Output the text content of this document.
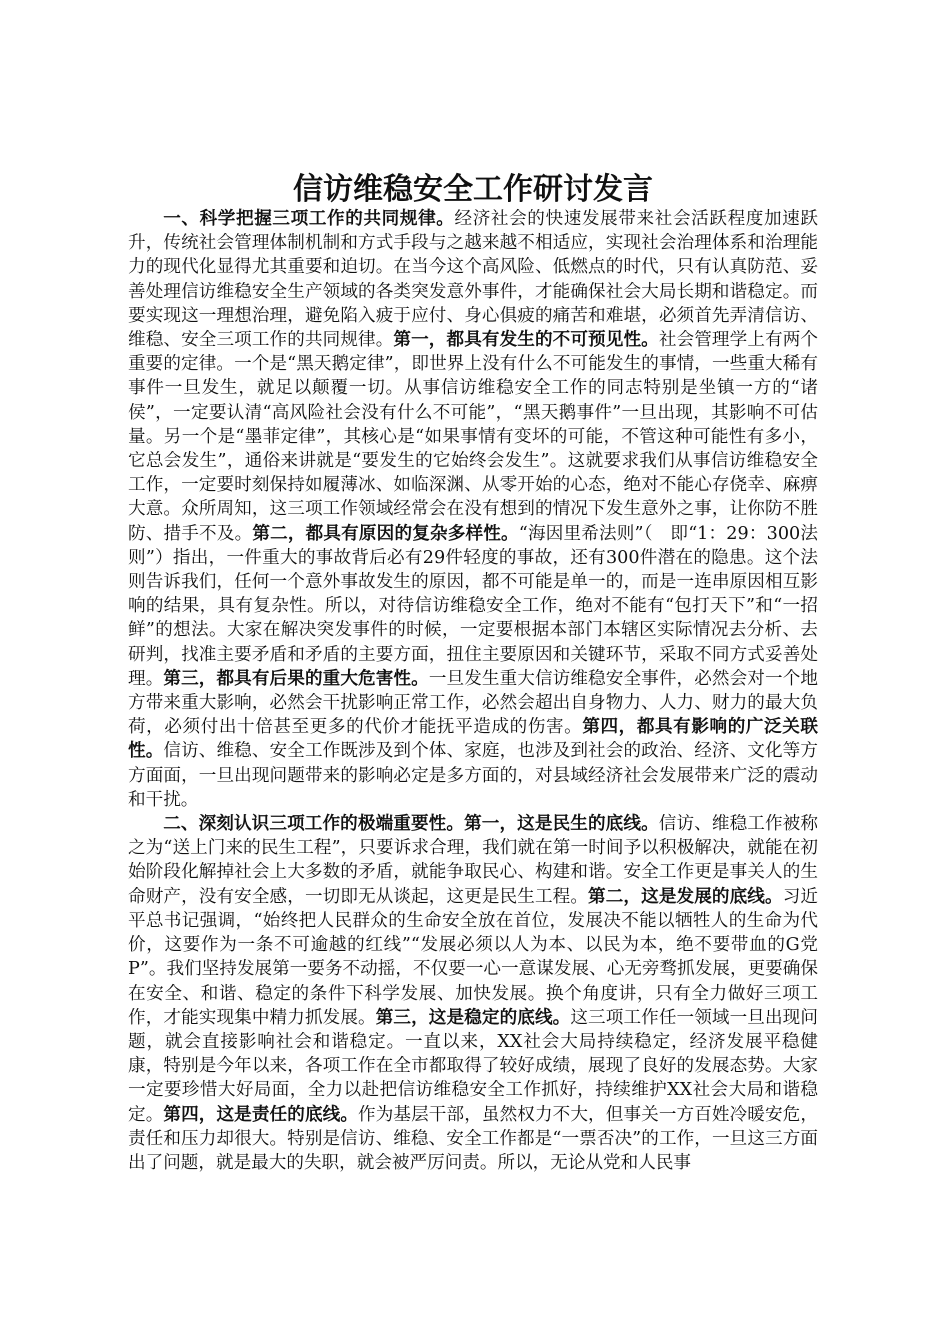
信访维稳安全工作研讨发言

一、科学把握三项工作的共同规律。经济社会的快速发展带来社会活跃程度加速跃升，传统社会管理体制机制和方式手段与之越来越不相适应，实现社会治理体系和治理能力的现代化显得尤其重要和迫切。在当今这个高风险、低燃点的时代，只有认真防范、妥善处理信访维稳安全生产领域的各类突发意外事件，才能确保社会大局长期和谐稳定。而要实现这一理想治理，避免陷入疲于应付、身心俱疲的痛苦和难堪，必须首先弄清信访、维稳、安全三项工作的共同规律。第一，都具有发生的不可预见性。社会管理学上有两个重要的定律。一个是“黑天鹅定律”，即世界上没有什么不可能发生的事情，一些重大稀有事件一旦发生，就足以颠覆一切。从事信访维稳安全工作的同志特别是坐镇一方的“诸侯”，一定要认清“高风险社会没有什么不可能”，“黑天鹅事件”一旦出现，其影响不可估量。另一个是“墨菲定律”，其核心是“如果事情有变坏的可能，不管这种可能性有多小，它总会发生”，通俗来讲就是“要发生的它始终会发生”。这就要求我们从事信访维稳安全工作，一定要时刻保持如履薄冰、如临深渊、从零开始的心态，绝对不能心存侥幸、麻痹大意。众所周知，这三项工作领域经常会在没有想到的情况下发生意外之事，让你防不胜防、措手不及。第二，都具有原因的复杂多样性。“海因里希法则”（　即“1：29：300法则”）指出，一件重大的事故背后必有29件轻度的事故，还有300件潜在的隐患。这个法则告诉我们，任何一个意外事故发生的原因，都不可能是单一的，而是一连串原因相互影响的结果，具有复杂性。所以，对待信访维稳安全工作，绝对不能有“包打天下”和“一招鲜”的想法。大家在解决突发事件的时候，一定要根据本部门本辖区实际情况去分析、去研判，找准主要矛盾和矛盾的主要方面，扭住主要原因和关键环节，采取不同方式妥善处理。第三，都具有后果的重大危害性。一旦发生重大信访维稳安全事件，必然会对一个地方带来重大影响，必然会干扰影响正常工作，必然会超出自身物力、人力、财力的最大负荷，必须付出十倍甚至更多的代价才能抚平造成的伤害。第四，都具有影响的广泛关联性。信访、维稳、安全工作既涉及到个体、家庭，也涉及到社会的政治、经济、文化等方方面面，一旦出现问题带来的影响必定是多方面的，对县域经济社会发展带来广泛的震动和干扰。

二、深刻认识三项工作的极端重要性。第一，这是民生的底线。信访、维稳工作被称之为“送上门来的民生工程”，只要诉求合理，我们就在第一时间予以积极解决，就能在初始阶段化解掉社会上大多数的矛盾，就能争取民心、构建和谐。安全工作更是事关人的生命财产，没有安全感，一切即无从谈起，这更是民生工程。第二，这是发展的底线。习近平总书记强调，“始终把人民群众的生命安全放在首位，发展决不能以牺牲人的生命为代价，这要作为一条不可逾越的红线”“发展必须以人为本、以民为本，绝不要带血的G党P”。我们坚持发展第一要务不动摇，不仅要一心一意谋发展、心无旁骛抓发展，更要确保在安全、和谐、稳定的条件下科学发展、加快发展。换个角度讲，只有全力做好三项工作，才能实现集中精力抓发展。第三，这是稳定的底线。这三项工作任一领域一旦出现问题，就会直接影响社会和谐稳定。一直以来，XX社会大局持续稳定，经济发展平稳健康，特别是今年以来，各项工作在全市都取得了较好成绩，展现了良好的发展态势。大家一定要珍惜大好局面，全力以赴把信访维稳安全工作抓好，持续维护XX社会大局和谐稳定。第四，这是责任的底线。作为基层干部，虽然权力不大，但事关一方百姓冷暖安危，责任和压力却很大。特别是信访、维稳、安全工作都是“一票否决”的工作，一旦这三方面出了问题，就是最大的失职，就会被严厉问责。所以，无论从党和人民事
